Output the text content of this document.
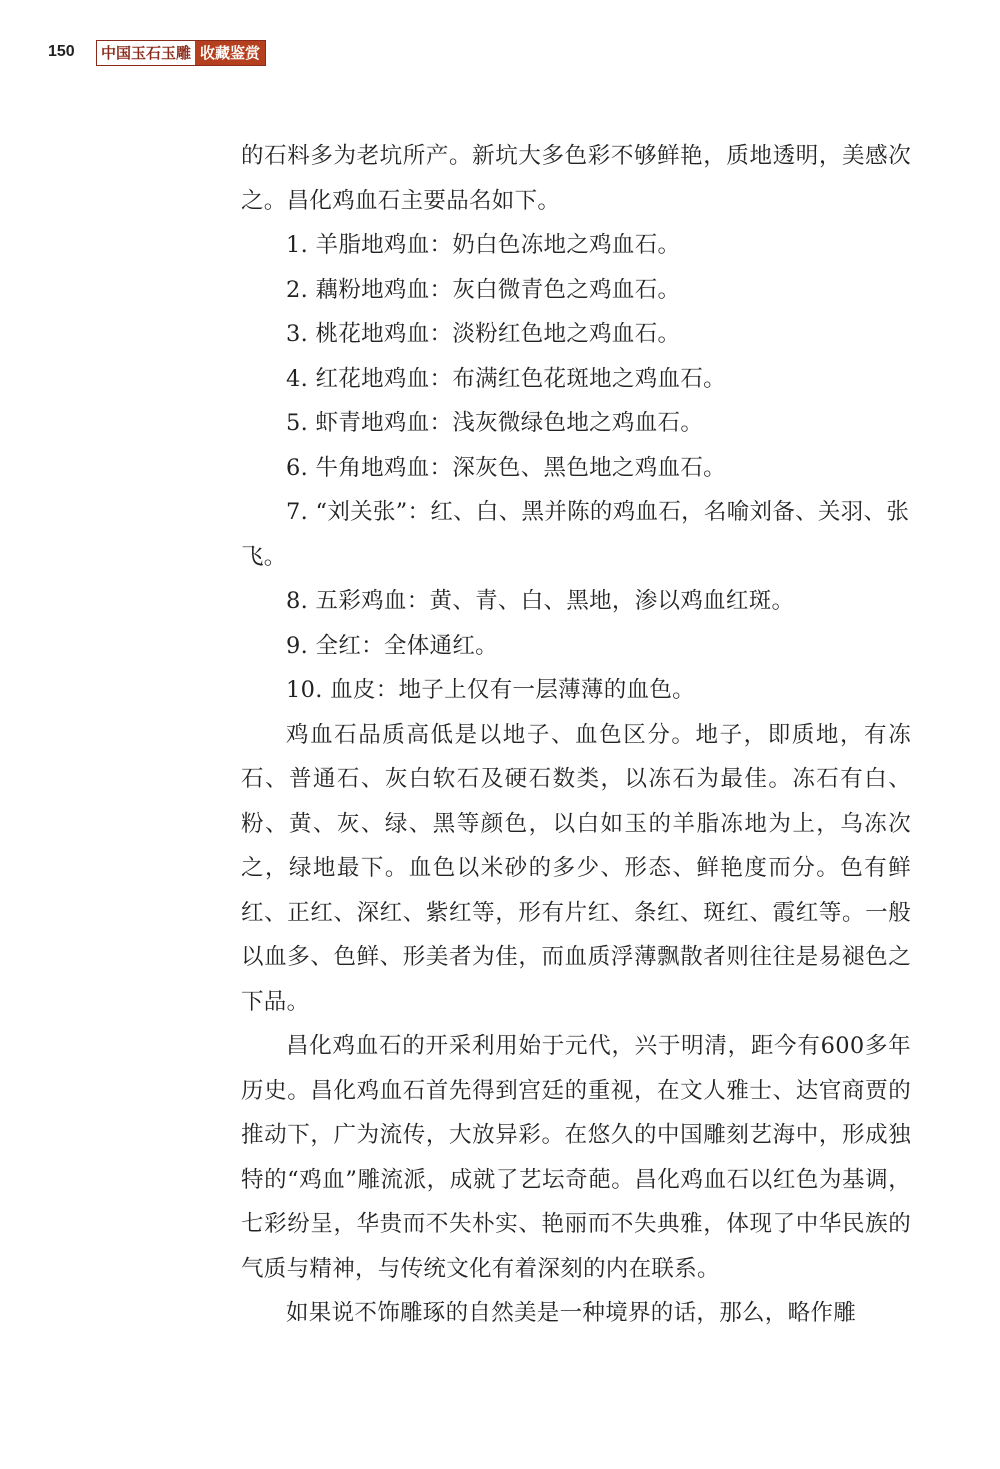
150 中国玉石玉雕 收藏鉴赏

的石料多为老坑所产。新坑大多色彩不够鲜艳，质地透明，美感次之。昌化鸡血石主要品名如下。

1. 羊脂地鸡血：奶白色冻地之鸡血石。

2. 藕粉地鸡血：灰白微青色之鸡血石。

3. 桃花地鸡血：淡粉红色地之鸡血石。

4. 红花地鸡血：布满红色花斑地之鸡血石。

5. 虾青地鸡血：浅灰微绿色地之鸡血石。

6. 牛角地鸡血：深灰色、黑色地之鸡血石。

7. “刘关张”：红、白、黑并陈的鸡血石，名喻刘备、关羽、张飞。

8. 五彩鸡血：黄、青、白、黑地，渗以鸡血红斑。

9. 全红：全体通红。

10. 血皮：地子上仅有一层薄薄的血色。

鸡血石品质高低是以地子、血色区分。地子，即质地，有冻石、普通石、灰白软石及硬石数类，以冻石为最佳。冻石有白、粉、黄、灰、绿、黑等颜色，以白如玉的羊脂冻地为上，乌冻次之，绿地最下。血色以米砂的多少、形态、鲜艳度而分。色有鲜红、正红、深红、紫红等，形有片红、条红、斑红、霞红等。一般以血多、色鲜、形美者为佳，而血质浮薄飘散者则往往是易褪色之下品。

昌化鸡血石的开采利用始于元代，兴于明清，距今有600多年历史。昌化鸡血石首先得到宫廷的重视，在文人雅士、达官商贾的推动下，广为流传，大放异彩。在悠久的中国雕刻艺海中，形成独特的“鸡血”雕流派，成就了艺坛奇葩。昌化鸡血石以红色为基调，七彩纷呈，华贵而不失朴实、艳丽而不失典雅，体现了中华民族的气质与精神，与传统文化有着深刻的内在联系。

如果说不饰雕琢的自然美是一种境界的话，那么，略作雕
